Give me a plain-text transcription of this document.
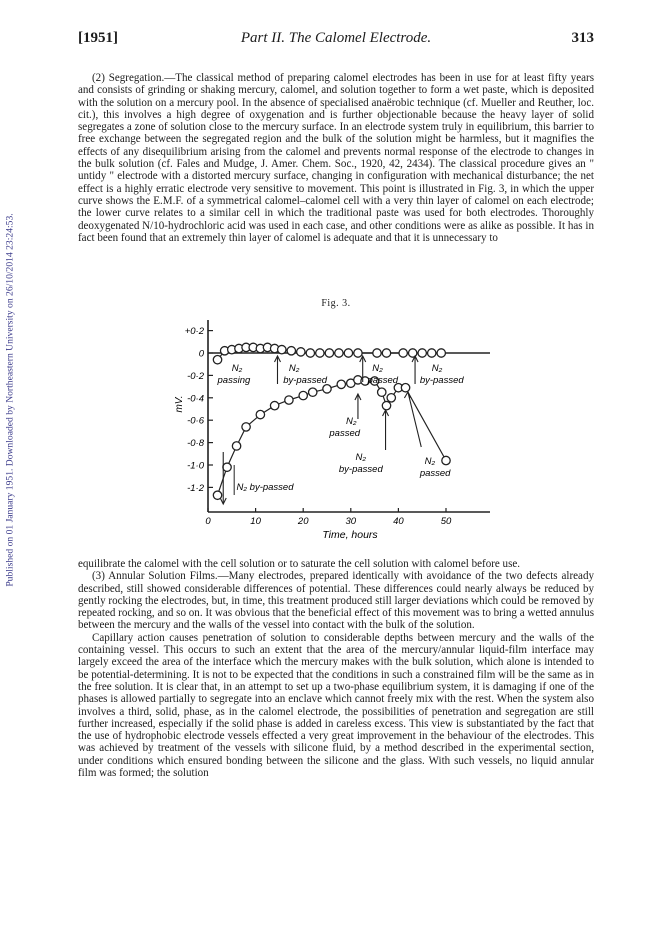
Published on 01 January 1951. Downloaded by Northeastern University on 26/10/2014 23:24:53.
[1951]	Part II. The Calomel Electrode.	313

(2) Segregation.—The classical method of preparing calomel electrodes has been in use for at least fifty years and consists of grinding or shaking mercury, calomel, and solution together to form a wet paste, which is deposited with the solution on a mercury pool. In the absence of specialised anaërobic technique (cf. Mueller and Reuther, loc. cit.), this involves a high degree of oxygenation and is further objectionable because the heavy layer of solid segregates a zone of solution close to the mercury surface. In an electrode system truly in equilibrium, this barrier to free exchange between the segregated region and the bulk of the solution might be harmless, but it magnifies the effects of any disequilibrium arising from the calomel and prevents normal response of the electrode to changes in the bulk solution (cf. Fales and Mudge, J. Amer. Chem. Soc., 1920, 42, 2434). The classical procedure gives an " untidy " electrode with a distorted mercury surface, changing in configuration with mechanical disturbance; the net effect is a highly erratic electrode very sensitive to movement. This point is illustrated in Fig. 3, in which the upper curve shows the E.M.F. of a symmetrical calomel–calomel cell with a very thin layer of calomel on each electrode; the lower curve relates to a similar cell in which the traditional paste was used for both electrodes. Thoroughly deoxygenated N/10-hydrochloric acid was used in each case, and other conditions were as alike as possible. It has in fact been found that an extremely thin layer of calomel is adequate and that it is unnecessary to

Fig. 3.
+0·2
0
-0·2
-0·4
-0·6
-0·8
-1·0
-1·2
0	10	20	30	40	50
mV.
Time, hours
N₂
passing
N₂
by-passed
N₂
passed
N₂
by-passed
N₂
passed
N₂
by-passed
N₂
passed
N₂ by-passed

equilibrate the calomel with the cell solution or to saturate the cell solution with calomel before use.

(3) Annular Solution Films.—Many electrodes, prepared identically with avoidance of the two defects already described, still showed considerable differences of potential. These differences could nearly always be reduced by gently rocking the electrodes, but, in time, this treatment produced still larger deviations which could be removed by repeated rocking, and so on. It was obvious that the beneficial effect of this movement was to bring a wetted annulus between the mercury and the walls of the vessel into contact with the bulk of the solution.

Capillary action causes penetration of solution to considerable depths between mercury and the walls of the containing vessel. This occurs to such an extent that the area of the mercury/annular liquid-film interface may largely exceed the area of the interface which the mercury makes with the bulk solution, which alone is intended to be potential-determining. It is not to be expected that the conditions in such a constrained film will be the same as in the free solution. It is clear that, in an attempt to set up a two-phase equilibrium system, it is damaging if one of the phases is allowed partially to segregate into an enclave which cannot freely mix with the rest. When the system also involves a third, solid, phase, as in the calomel electrode, the possibilities of penetration and segregation are still further increased, especially if the solid phase is added in careless excess. This view is substantiated by the fact that the use of hydrophobic electrode vessels effected a very great improvement in the behaviour of the electrodes. This was achieved by treatment of the vessels with silicone fluid, by a method described in the experimental section, under conditions which ensured bonding between the silicone and the glass. With such vessels, no liquid annular film was formed; the solution
